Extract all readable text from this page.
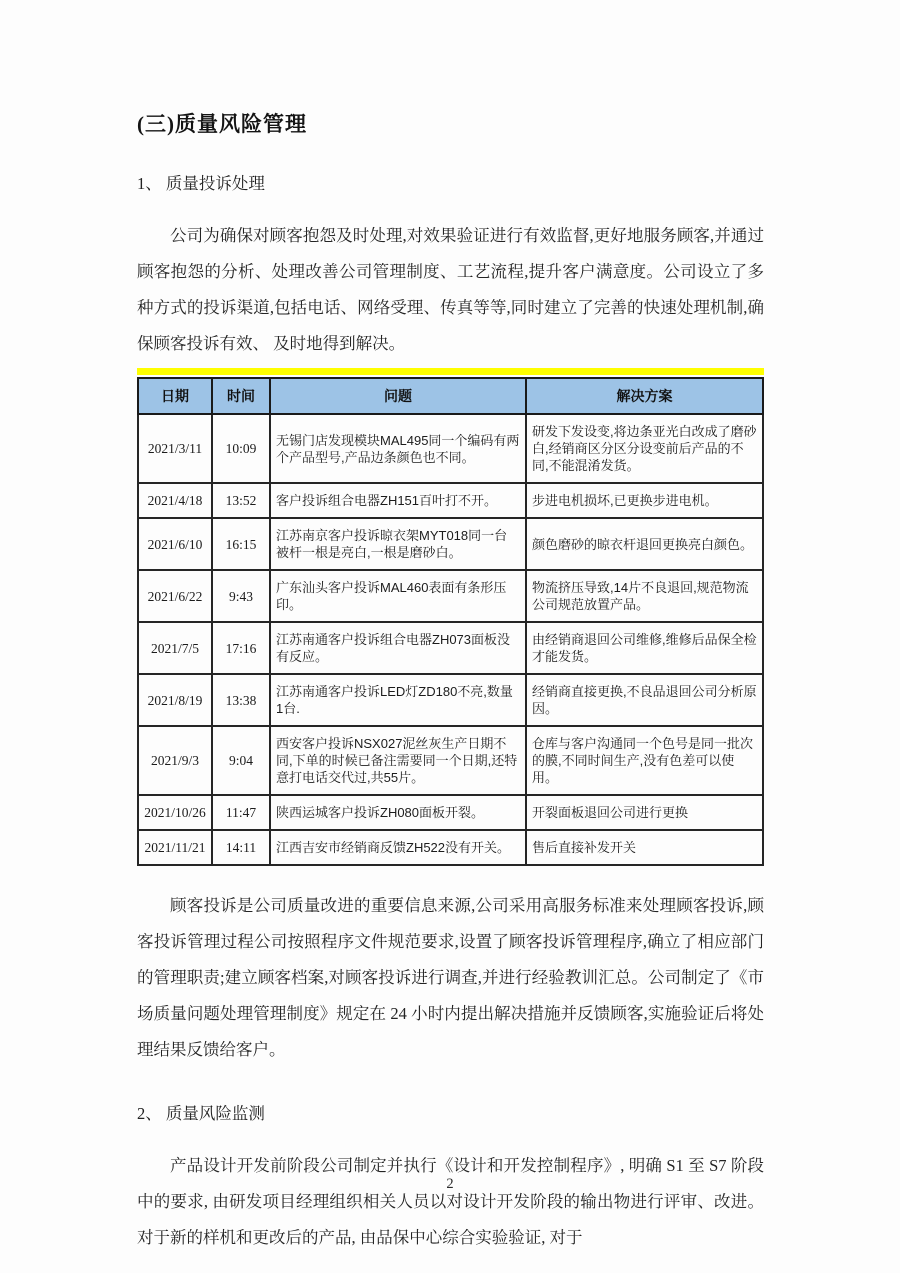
(三)质量风险管理
1、 质量投诉处理

公司为确保对顾客抱怨及时处理,对效果验证进行有效监督,更好地服务顾客,并通过顾客抱怨的分析、处理改善公司管理制度、工艺流程,提升客户满意度。公司设立了多种方式的投诉渠道,包括电话、网络受理、传真等等,同时建立了完善的快速处理机制,确保顾客投诉有效、 及时地得到解决。

日期	时间	问题	解决方案
2021/3/11	10:09	无锡门店发现模块MAL495同一个编码有两个产品型号,产品边条颜色也不同。	研发下发设变,将边条亚光白改成了磨砂白,经销商区分区分设变前后产品的不同,不能混淆发货。
2021/4/18	13:52	客户投诉组合电器ZH151百叶打不开。	步进电机损坏,已更换步进电机。
2021/6/10	16:15	江苏南京客户投诉晾衣架MYT018同一台被杆一根是亮白,一根是磨砂白。	颜色磨砂的晾衣杆退回更换亮白颜色。
2021/6/22	9:43	广东汕头客户投诉MAL460表面有条形压印。	物流挤压导致,14片不良退回,规范物流公司规范放置产品。
2021/7/5	17:16	江苏南通客户投诉组合电器ZH073面板没有反应。	由经销商退回公司维修,维修后品保全检才能发货。
2021/8/19	13:38	江苏南通客户投诉LED灯ZD180不亮,数量1台.	经销商直接更换,不良品退回公司分析原因。
2021/9/3	9:04	西安客户投诉NSX027泥丝灰生产日期不同,下单的时候已备注需要同一个日期,还特意打电话交代过,共55片。	仓库与客户沟通同一个色号是同一批次的膜,不同时间生产,没有色差可以使用。
2021/10/26	11:47	陕西运城客户投诉ZH080面板开裂。	开裂面板退回公司进行更换
2021/11/21	14:11	江西吉安市经销商反馈ZH522没有开关。	售后直接补发开关

顾客投诉是公司质量改进的重要信息来源,公司采用高服务标准来处理顾客投诉,顾客投诉管理过程公司按照程序文件规范要求,设置了顾客投诉管理程序,确立了相应部门的管理职责;建立顾客档案,对顾客投诉进行调查,并进行经验教训汇总。公司制定了《市场质量问题处理管理制度》规定在 24 小时内提出解决措施并反馈顾客,实施验证后将处理结果反馈给客户。

2、 质量风险监测

产品设计开发前阶段公司制定并执行《设计和开发控制程序》, 明确 S1 至 S7 阶段中的要求, 由研发项目经理组织相关人员以对设计开发阶段的输出物进行评审、改进。对于新的样机和更改后的产品, 由品保中心综合实验验证, 对于

2
